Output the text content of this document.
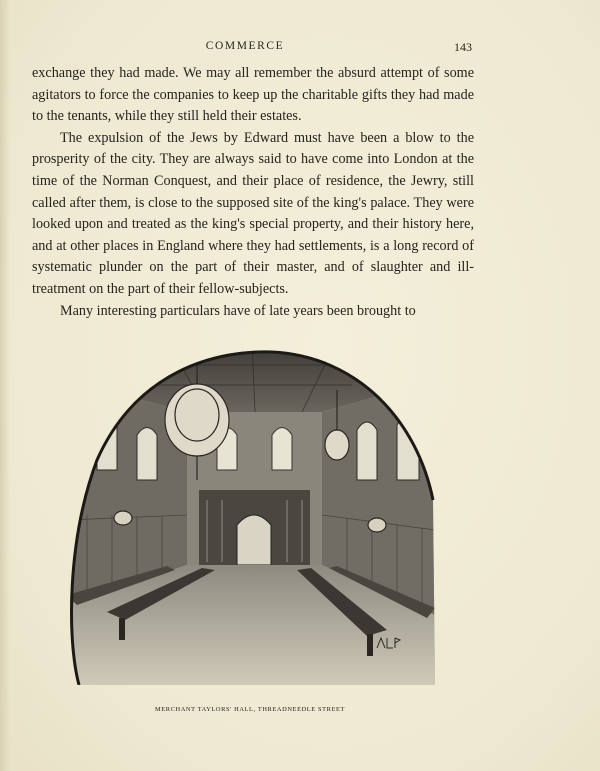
COMMERCE	143

exchange they had made. We may all remember the absurd attempt of some agitators to force the companies to keep up the charitable gifts they had made to the tenants, while they still held their estates.

The expulsion of the Jews by Edward must have been a blow to the prosperity of the city. They are always said to have come into London at the time of the Norman Conquest, and their place of residence, the Jewry, still called after them, is close to the supposed site of the king's palace. They were looked upon and treated as the king's special property, and their history here, and at other places in England where they had settlements, is a long record of systematic plunder on the part of their master, and of slaughter and ill-treatment on the part of their fellow-subjects.

Many interesting particulars have of late years been brought to

MERCHANT TAYLORS' HALL, THREADNEEDLE STREET
